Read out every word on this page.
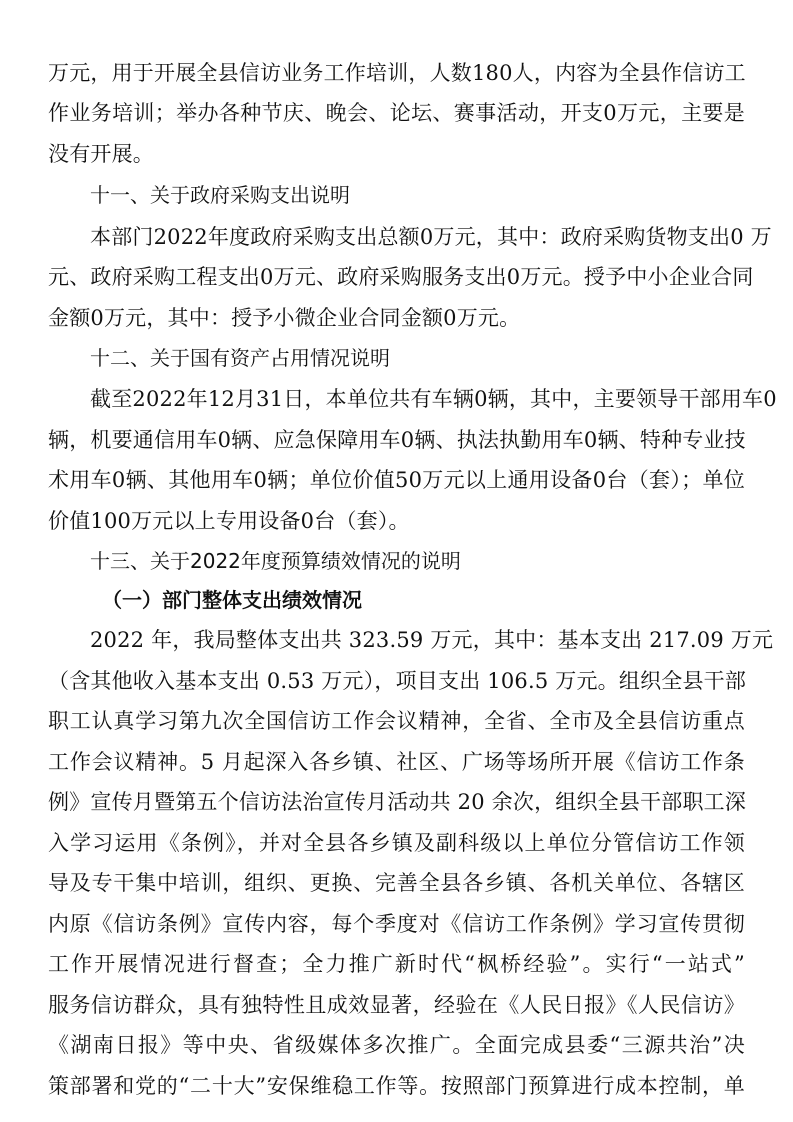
万元，用于开展全县信访业务工作培训，人数180人，内容为全县作信访工
作业务培训；举办各种节庆、晚会、论坛、赛事活动，开支0万元，主要是
没有开展。
十一、关于政府采购支出说明
本部门2022年度政府采购支出总额0万元，其中：政府采购货物支出0 万
元、政府采购工程支出0万元、政府采购服务支出0万元。授予中小企业合同
金额0万元，其中：授予小微企业合同金额0万元。
十二、关于国有资产占用情况说明
截至2022年12月31日，本单位共有车辆0辆，其中，主要领导干部用车0
辆，机要通信用车0辆、应急保障用车0辆、执法执勤用车0辆、特种专业技
术用车0辆、其他用车0辆；单位价值50万元以上通用设备0台（套）；单位
价值100万元以上专用设备0台（套）。
十三、关于2022年度预算绩效情况的说明
（一）部门整体支出绩效情况
2022 年，我局整体支出共 323.59 万元，其中：基本支出 217.09 万元
（含其他收入基本支出 0.53 万元），项目支出 106.5 万元。组织全县干部
职工认真学习第九次全国信访工作会议精神，全省、全市及全县信访重点
工作会议精神。5 月起深入各乡镇、社区、广场等场所开展《信访工作条
例》宣传月暨第五个信访法治宣传月活动共 20 余次，组织全县干部职工深
入学习运用《条例》，并对全县各乡镇及副科级以上单位分管信访工作领
导及专干集中培训，组织、更换、完善全县各乡镇、各机关单位、各辖区
内原《信访条例》宣传内容，每个季度对《信访工作条例》学习宣传贯彻
工作开展情况进行督查；全力推广新时代“枫桥经验”。实行“一站式”
服务信访群众，具有独特性且成效显著，经验在《人民日报》《人民信访》
《湖南日报》等中央、省级媒体多次推广。全面完成县委“三源共治”决
策部署和党的“二十大”安保维稳工作等。按照部门预算进行成本控制，单
